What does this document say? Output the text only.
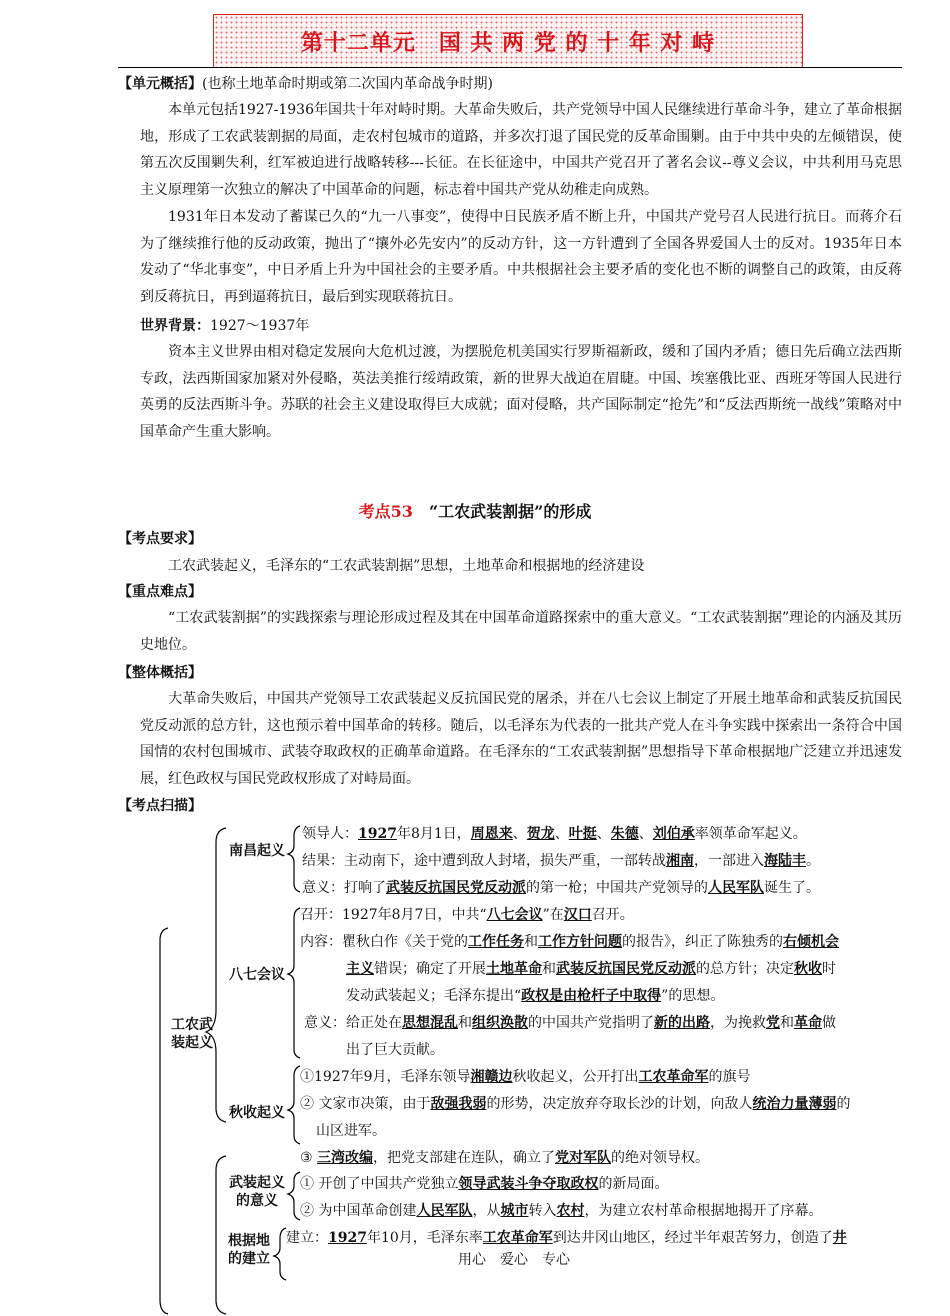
第十二单元　国 共 两 党 的 十 年 对 峙
【单元概括】(也称土地革命时期或第二次国内革命战争时期)
本单元包括1927-1936年国共十年对峙时期。大革命失败后，共产党领导中国人民继续进行革命斗争，建立了革命根据地，形成了工农武装割据的局面，走农村包城市的道路，并多次打退了国民党的反革命围剿。由于中共中央的左倾错误，使第五次反围剿失利，红军被迫进行战略转移---长征。在长征途中，中国共产党召开了著名会议--尊义会议，中共利用马克思主义原理第一次独立的解决了中国革命的问题，标志着中国共产党从幼稚走向成熟。
1931年日本发动了蓄谋已久的“九一八事变”，使得中日民族矛盾不断上升，中国共产党号召人民进行抗日。而蒋介石为了继续推行他的反动政策，抛出了“攘外必先安内”的反动方针，这一方针遭到了全国各界爱国人士的反对。1935年日本发动了“华北事变”，中日矛盾上升为中国社会的主要矛盾。中共根据社会主要矛盾的变化也不断的调整自己的政策，由反蒋到反蒋抗日，再到逼蒋抗日，最后到实现联蒋抗日。
世界背景：1927～1937年
资本主义世界由相对稳定发展向大危机过渡，为摆脱危机美国实行罗斯福新政，缓和了国内矛盾；德日先后确立法西斯专政，法西斯国家加紧对外侵略，英法美推行绥靖政策，新的世界大战迫在眉睫。中国、埃塞俄比亚、西班牙等国人民进行英勇的反法西斯斗争。苏联的社会主义建设取得巨大成就；面对侵略，共产国际制定“抢先”和“反法西斯统一战线”策略对中国革命产生重大影响。
考点53　 “工农武装割据”的形成
【考点要求】
工农武装起义，毛泽东的“工农武装割据”思想，土地革命和根据地的经济建设
【重点难点】
“工农武装割据”的实践探索与理论形成过程及其在中国革命道路探索中的重大意义。“工农武装割据”理论的内涵及其历史地位。
【整体概括】
大革命失败后，中国共产党领导工农武装起义反抗国民党的屠杀，并在八七会议上制定了开展土地革命和武装反抗国民党反动派的总方针，这也预示着中国革命的转移。随后，以毛泽东为代表的一批共产党人在斗争实践中探索出一条符合中国国情的农村包围城市、武装夺取政权的正确革命道路。在毛泽东的“工农武装割据”思想指导下革命根据地广泛建立并迅速发展，红色政权与国民党政权形成了对峙局面。
【考点扫描】
工农武
装起义
南昌起义
八七会议
秋收起义
武装起义
的意义
根据地
的建立
领导人：1927年8月1日，周恩来、贺龙、叶挺、朱德、刘伯承率领革命军起义。
结果：主动南下，途中遭到敌人封堵，损失严重，一部转战湘南，一部进入海陆丰。
意义：打响了武装反抗国民党反动派的第一枪；中国共产党领导的人民军队诞生了。
召开：1927年8月7日，中共“八七会议”在汉口召开。
内容：瞿秋白作《关于党的工作任务和工作方针问题的报告》，纠正了陈独秀的右倾机会
主义错误；确定了开展土地革命和武装反抗国民党反动派的总方针；决定秋收时
发动武装起义；毛泽东提出“政权是由枪杆子中取得”的思想。
意义：给正处在思想混乱和组织涣散的中国共产党指明了新的出路，为挽救党和革命做
出了巨大贡献。
①1927年9月，毛泽东领导湘赣边秋收起义，公开打出工农革命军的旗号
② 文家市决策，由于敌强我弱的形势，决定放弃夺取长沙的计划，向敌人统治力量薄弱的
山区进军。
③ 三湾改编，把党支部建在连队，确立了党对军队的绝对领导权。
① 开创了中国共产党独立领导武装斗争夺取政权的新局面。
② 为中国革命创建人民军队，从城市转入农村，为建立农村革命根据地揭开了序幕。
建立：1927年10月，毛泽东率工农革命军到达井冈山地区，经过半年艰苦努力，创造了井
用心　爱心　专心
